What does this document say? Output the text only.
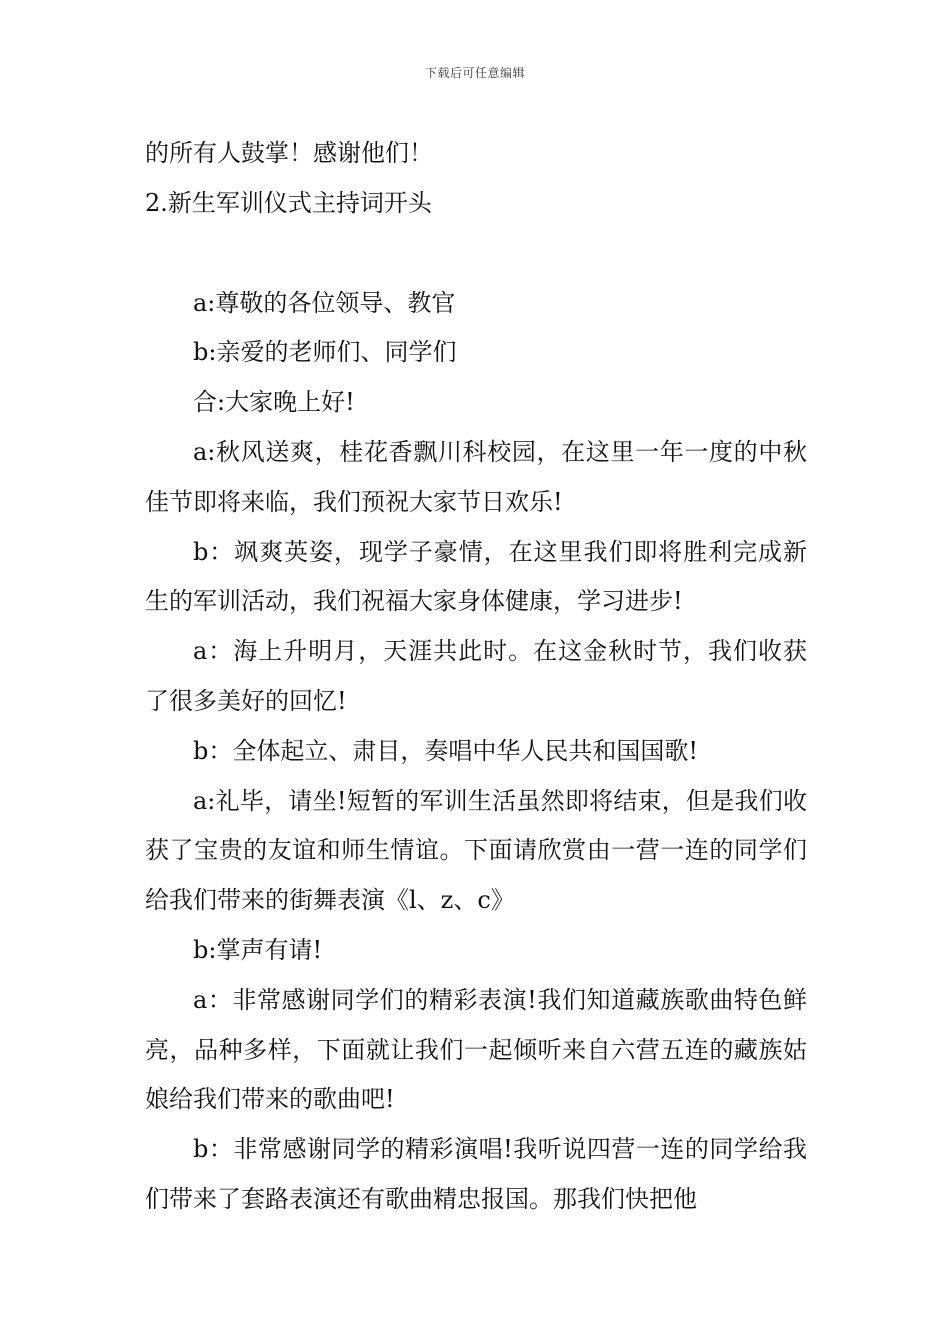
下载后可任意编辑

的所有人鼓掌！感谢他们！

2.新生军训仪式主持词开头

a:尊敬的各位领导、教官

b:亲爱的老师们、同学们

合:大家晚上好!

a:秋风送爽，桂花香飘川科校园，在这里一年一度的中秋佳节即将来临，我们预祝大家节日欢乐!

b：飒爽英姿，现学子豪情，在这里我们即将胜利完成新生的军训活动，我们祝福大家身体健康，学习进步!

a：海上升明月，天涯共此时。在这金秋时节，我们收获了很多美好的回忆!

b：全体起立、肃目，奏唱中华人民共和国国歌!

a:礼毕，请坐!短暂的军训生活虽然即将结束，但是我们收获了宝贵的友谊和师生情谊。下面请欣赏由一营一连的同学们给我们带来的街舞表演《l、z、c》

b:掌声有请!

a：非常感谢同学们的精彩表演!我们知道藏族歌曲特色鲜亮，品种多样，下面就让我们一起倾听来自六营五连的藏族姑娘给我们带来的歌曲吧!

b：非常感谢同学的精彩演唱!我听说四营一连的同学给我们带来了套路表演还有歌曲精忠报国。那我们快把他
